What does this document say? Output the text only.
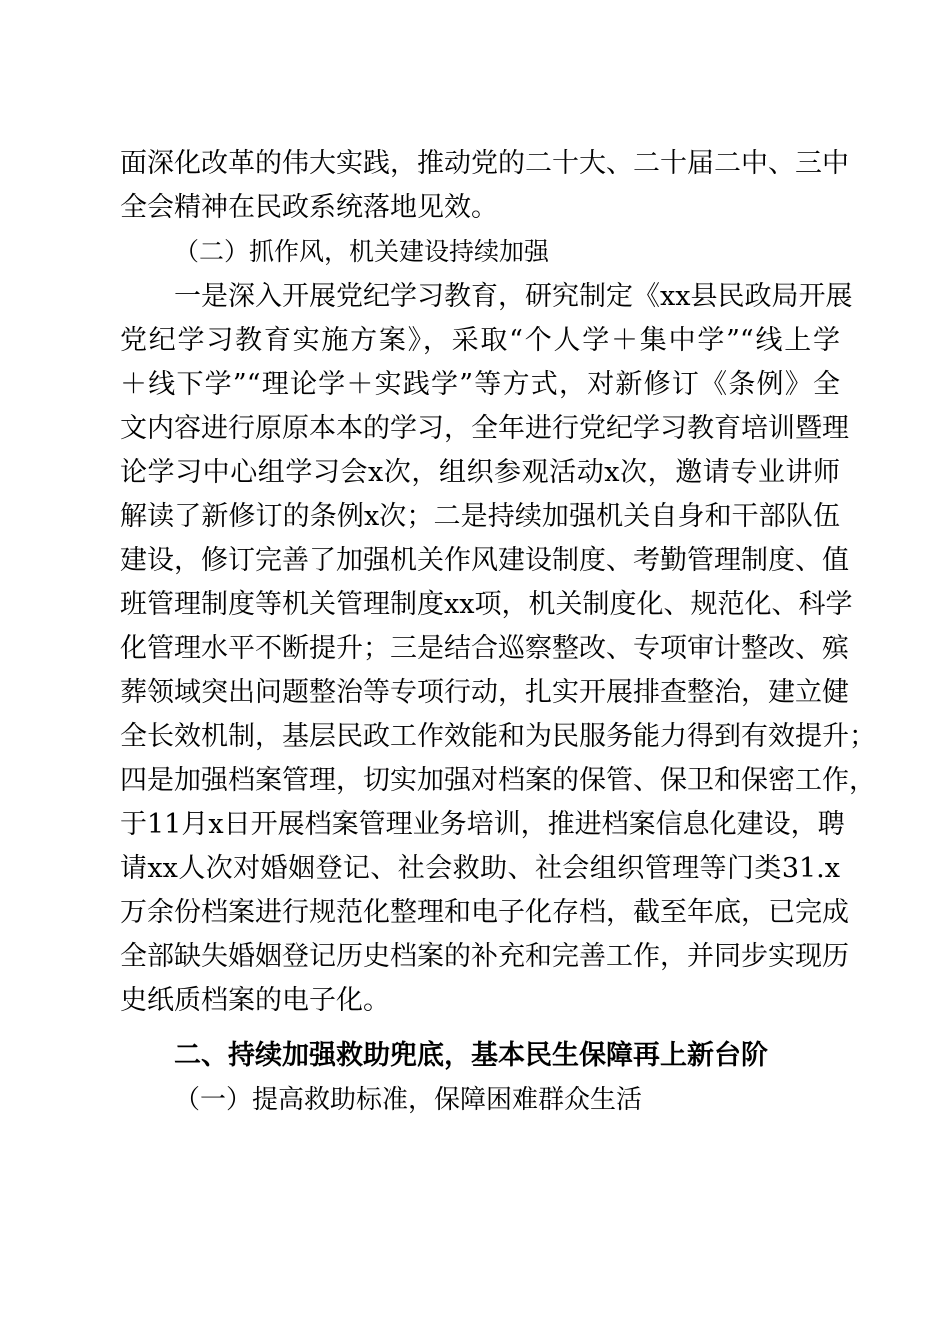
面深化改革的伟大实践，推动党的二十大、二十届二中、三中
全会精神在民政系统落地见效。
（二）抓作风，机关建设持续加强
一是深入开展党纪学习教育，研究制定《xx县民政局开展
党纪学习教育实施方案》，采取“个人学＋集中学”“线上学
＋线下学”“理论学＋实践学”等方式，对新修订《条例》全
文内容进行原原本本的学习，全年进行党纪学习教育培训暨理
论学习中心组学习会x次，组织参观活动x次，邀请专业讲师
解读了新修订的条例x次；二是持续加强机关自身和干部队伍
建设，修订完善了加强机关作风建设制度、考勤管理制度、值
班管理制度等机关管理制度xx项，机关制度化、规范化、科学
化管理水平不断提升；三是结合巡察整改、专项审计整改、殡
葬领域突出问题整治等专项行动，扎实开展排查整治，建立健
全长效机制，基层民政工作效能和为民服务能力得到有效提升；
四是加强档案管理，切实加强对档案的保管、保卫和保密工作，
于11月x日开展档案管理业务培训，推进档案信息化建设，聘
请xx人次对婚姻登记、社会救助、社会组织管理等门类31.x
万余份档案进行规范化整理和电子化存档，截至年底，已完成
全部缺失婚姻登记历史档案的补充和完善工作，并同步实现历
史纸质档案的电子化。
二、持续加强救助兜底，基本民生保障再上新台阶
（一）提高救助标准，保障困难群众生活
